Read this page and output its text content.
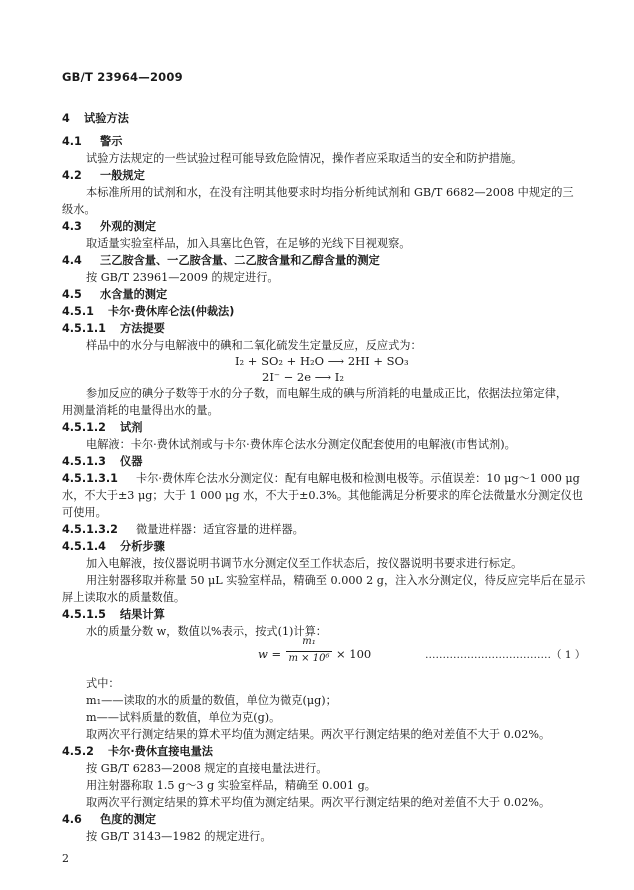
GB/T 23964—2009
4 试验方法
4.1 警示
试验方法规定的一些试验过程可能导致危险情况，操作者应采取适当的安全和防护措施。
4.2 一般规定
本标准所用的试剂和水，在没有注明其他要求时均指分析纯试剂和 GB/T 6682—2008 中规定的三
级水。
4.3 外观的测定
取适量实验室样品，加入具塞比色管，在足够的光线下目视观察。
4.4 三乙胺含量、一乙胺含量、二乙胺含量和乙醇含量的测定
按 GB/T 23961—2009 的规定进行。
4.5 水含量的测定
4.5.1 卡尔·费休库仑法(仲裁法)
4.5.1.1 方法提要
样品中的水分与电解液中的碘和二氧化硫发生定量反应，反应式为：
I₂ + SO₂ + H₂O ⟶ 2HI + SO₃
2I⁻ − 2e ⟶ I₂
参加反应的碘分子数等于水的分子数，而电解生成的碘与所消耗的电量成正比，依据法拉第定律，
用测量消耗的电量得出水的量。
4.5.1.2 试剂
电解液：卡尔·费休试剂或与卡尔·费休库仑法水分测定仪配套使用的电解液(市售试剂)。
4.5.1.3 仪器
4.5.1.3.1 卡尔·费休库仑法水分测定仪：配有电解电极和检测电极等。示值误差：10 μg～1 000 μg
水，不大于±3 μg；大于 1 000 μg 水，不大于±0.3%。其他能满足分析要求的库仑法微量水分测定仪也
可使用。
4.5.1.3.2 微量进样器：适宜容量的进样器。
4.5.1.4 分析步骤
加入电解液，按仪器说明书调节水分测定仪至工作状态后，按仪器说明书要求进行标定。
用注射器移取并称量 50 μL 实验室样品，精确至 0.000 2 g，注入水分测定仪，待反应完毕后在显示
屏上读取水的质量数值。
4.5.1.5 结果计算
水的质量分数 w，数值以%表示，按式(1)计算：
w =
m₁
m × 10⁶ × 100	………………………………（ 1 ）
式中：
m₁——读取的水的质量的数值，单位为微克(μg)；
m——试料质量的数值，单位为克(g)。
取两次平行测定结果的算术平均值为测定结果。两次平行测定结果的绝对差值不大于 0.02%。
4.5.2 卡尔·费休直接电量法
按 GB/T 6283—2008 规定的直接电量法进行。
用注射器称取 1.5 g～3 g 实验室样品，精确至 0.001 g。
取两次平行测定结果的算术平均值为测定结果。两次平行测定结果的绝对差值不大于 0.02%。
4.6 色度的测定
按 GB/T 3143—1982 的规定进行。
2
